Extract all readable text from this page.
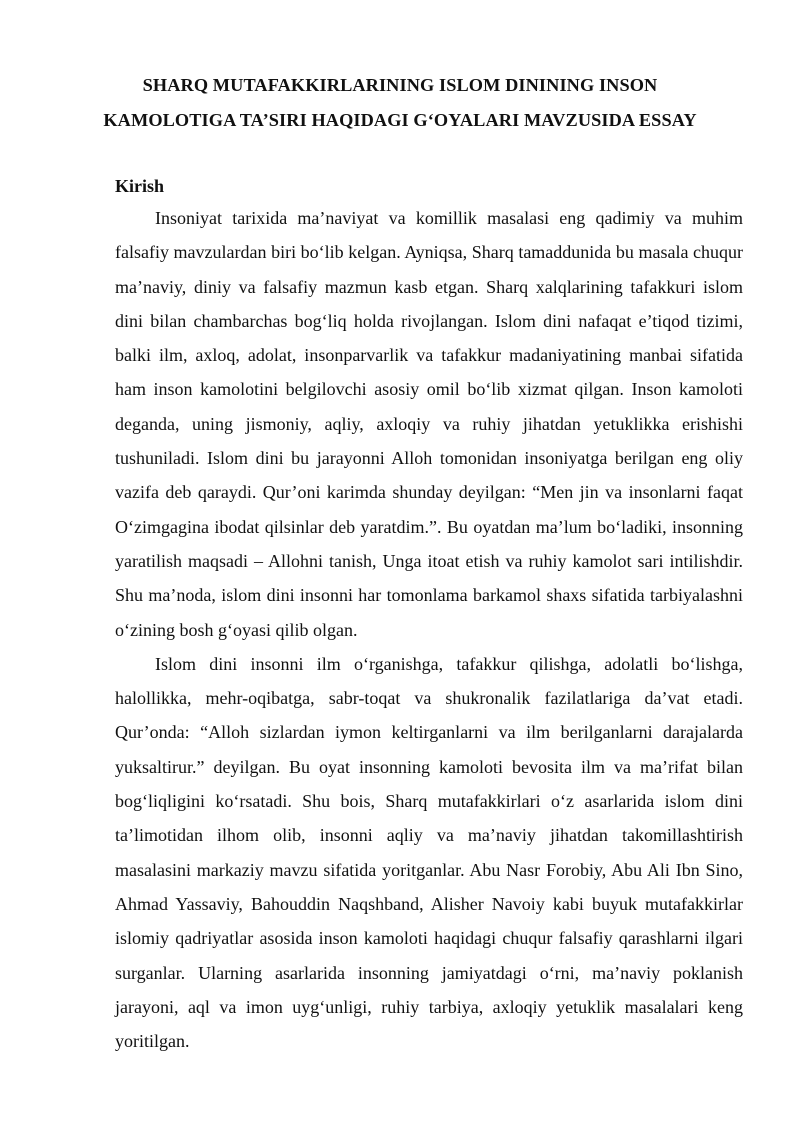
SHARQ MUTAFAKKIRLARINING ISLOM DININING INSON
KAMOLOTIGA TA’SIRI HAQIDAGI G‘OYALARI MAVZUSIDA ESSAY
Kirish

Insoniyat tarixida ma’naviyat va komillik masalasi eng qadimiy va muhim falsafiy mavzulardan biri bo‘lib kelgan. Ayniqsa, Sharq tamaddunida bu masala chuqur ma’naviy, diniy va falsafiy mazmun kasb etgan. Sharq xalqlarining tafakkuri islom dini bilan chambarchas bog‘liq holda rivojlangan. Islom dini nafaqat e’tiqod tizimi, balki ilm, axloq, adolat, insonparvarlik va tafakkur madaniyatining manbai sifatida ham inson kamolotini belgilovchi asosiy omil bo‘lib xizmat qilgan. Inson kamoloti deganda, uning jismoniy, aqliy, axloqiy va ruhiy jihatdan yetuklikka erishishi tushuniladi. Islom dini bu jarayonni Alloh tomonidan insoniyatga berilgan eng oliy vazifa deb qaraydi. Qur’oni karimda shunday deyilgan: “Men jin va insonlarni faqat O‘zimgagina ibodat qilsinlar deb yaratdim.”. Bu oyatdan ma’lum bo‘ladiki, insonning yaratilish maqsadi – Allohni tanish, Unga itoat etish va ruhiy kamolot sari intilishdir. Shu ma’noda, islom dini insonni har tomonlama barkamol shaxs sifatida tarbiyalashni o‘zining bosh g‘oyasi qilib olgan.

Islom dini insonni ilm o‘rganishga, tafakkur qilishga, adolatli bo‘lishga, halollikka, mehr-oqibatga, sabr-toqat va shukronalik fazilatlariga da’vat etadi. Qur’onda: “Alloh sizlardan iymon keltirganlarni va ilm berilganlarni darajalarda yuksaltirur.” deyilgan. Bu oyat insonning kamoloti bevosita ilm va ma’rifat bilan bog‘liqligini ko‘rsatadi. Shu bois, Sharq mutafakkirlari o‘z asarlarida islom dini ta’limotidan ilhom olib, insonni aqliy va ma’naviy jihatdan takomillashtirish masalasini markaziy mavzu sifatida yoritganlar. Abu Nasr Forobiy, Abu Ali Ibn Sino, Ahmad Yassaviy, Bahouddin Naqshband, Alisher Navoiy kabi buyuk mutafakkirlar islomiy qadriyatlar asosida inson kamoloti haqidagi chuqur falsafiy qarashlarni ilgari surganlar. Ularning asarlarida insonning jamiyatdagi o‘rni, ma’naviy poklanish jarayoni, aql va imon uyg‘unligi, ruhiy tarbiya, axloqiy yetuklik masalalari keng yoritilgan.
